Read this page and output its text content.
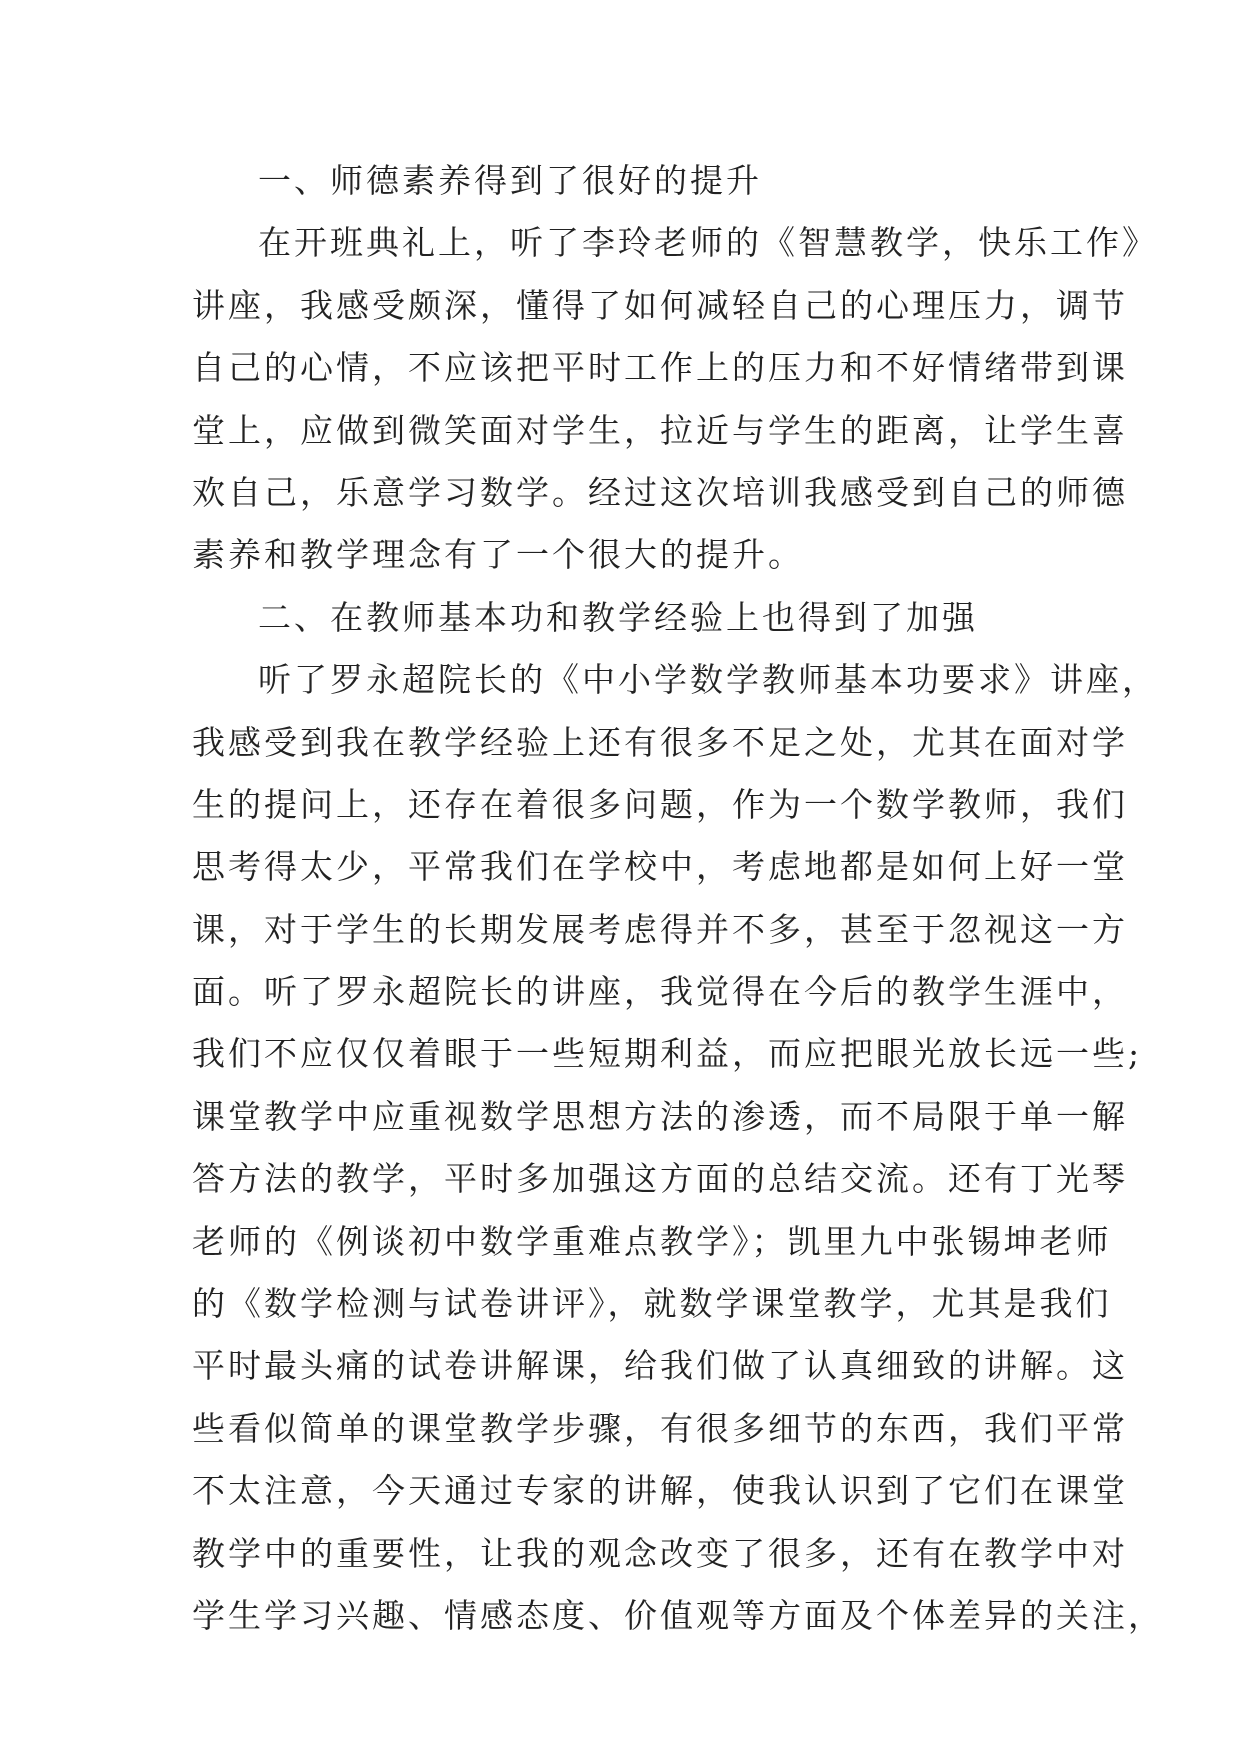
一、师德素养得到了很好的提升
在开班典礼上，听了李玲老师的《智慧教学，快乐工作》
讲座，我感受颇深，懂得了如何减轻自己的心理压力，调节
自己的心情，不应该把平时工作上的压力和不好情绪带到课
堂上，应做到微笑面对学生，拉近与学生的距离，让学生喜
欢自己，乐意学习数学。经过这次培训我感受到自己的师德
素养和教学理念有了一个很大的提升。
二、在教师基本功和教学经验上也得到了加强
听了罗永超院长的《中小学数学教师基本功要求》讲座，
我感受到我在教学经验上还有很多不足之处，尤其在面对学
生的提问上，还存在着很多问题，作为一个数学教师，我们
思考得太少，平常我们在学校中，考虑地都是如何上好一堂
课，对于学生的长期发展考虑得并不多，甚至于忽视这一方
面。听了罗永超院长的讲座，我觉得在今后的教学生涯中，
我们不应仅仅着眼于一些短期利益，而应把眼光放长远一些;
课堂教学中应重视数学思想方法的渗透，而不局限于单一解
答方法的教学，平时多加强这方面的总结交流。还有丁光琴
老师的《例谈初中数学重难点教学》；凯里九中张锡坤老师
的《数学检测与试卷讲评》，就数学课堂教学，尤其是我们
平时最头痛的试卷讲解课，给我们做了认真细致的讲解。这
些看似简单的课堂教学步骤，有很多细节的东西，我们平常
不太注意，今天通过专家的讲解，使我认识到了它们在课堂
教学中的重要性，让我的观念改变了很多，还有在教学中对
学生学习兴趣、情感态度、价值观等方面及个体差异的关注，
